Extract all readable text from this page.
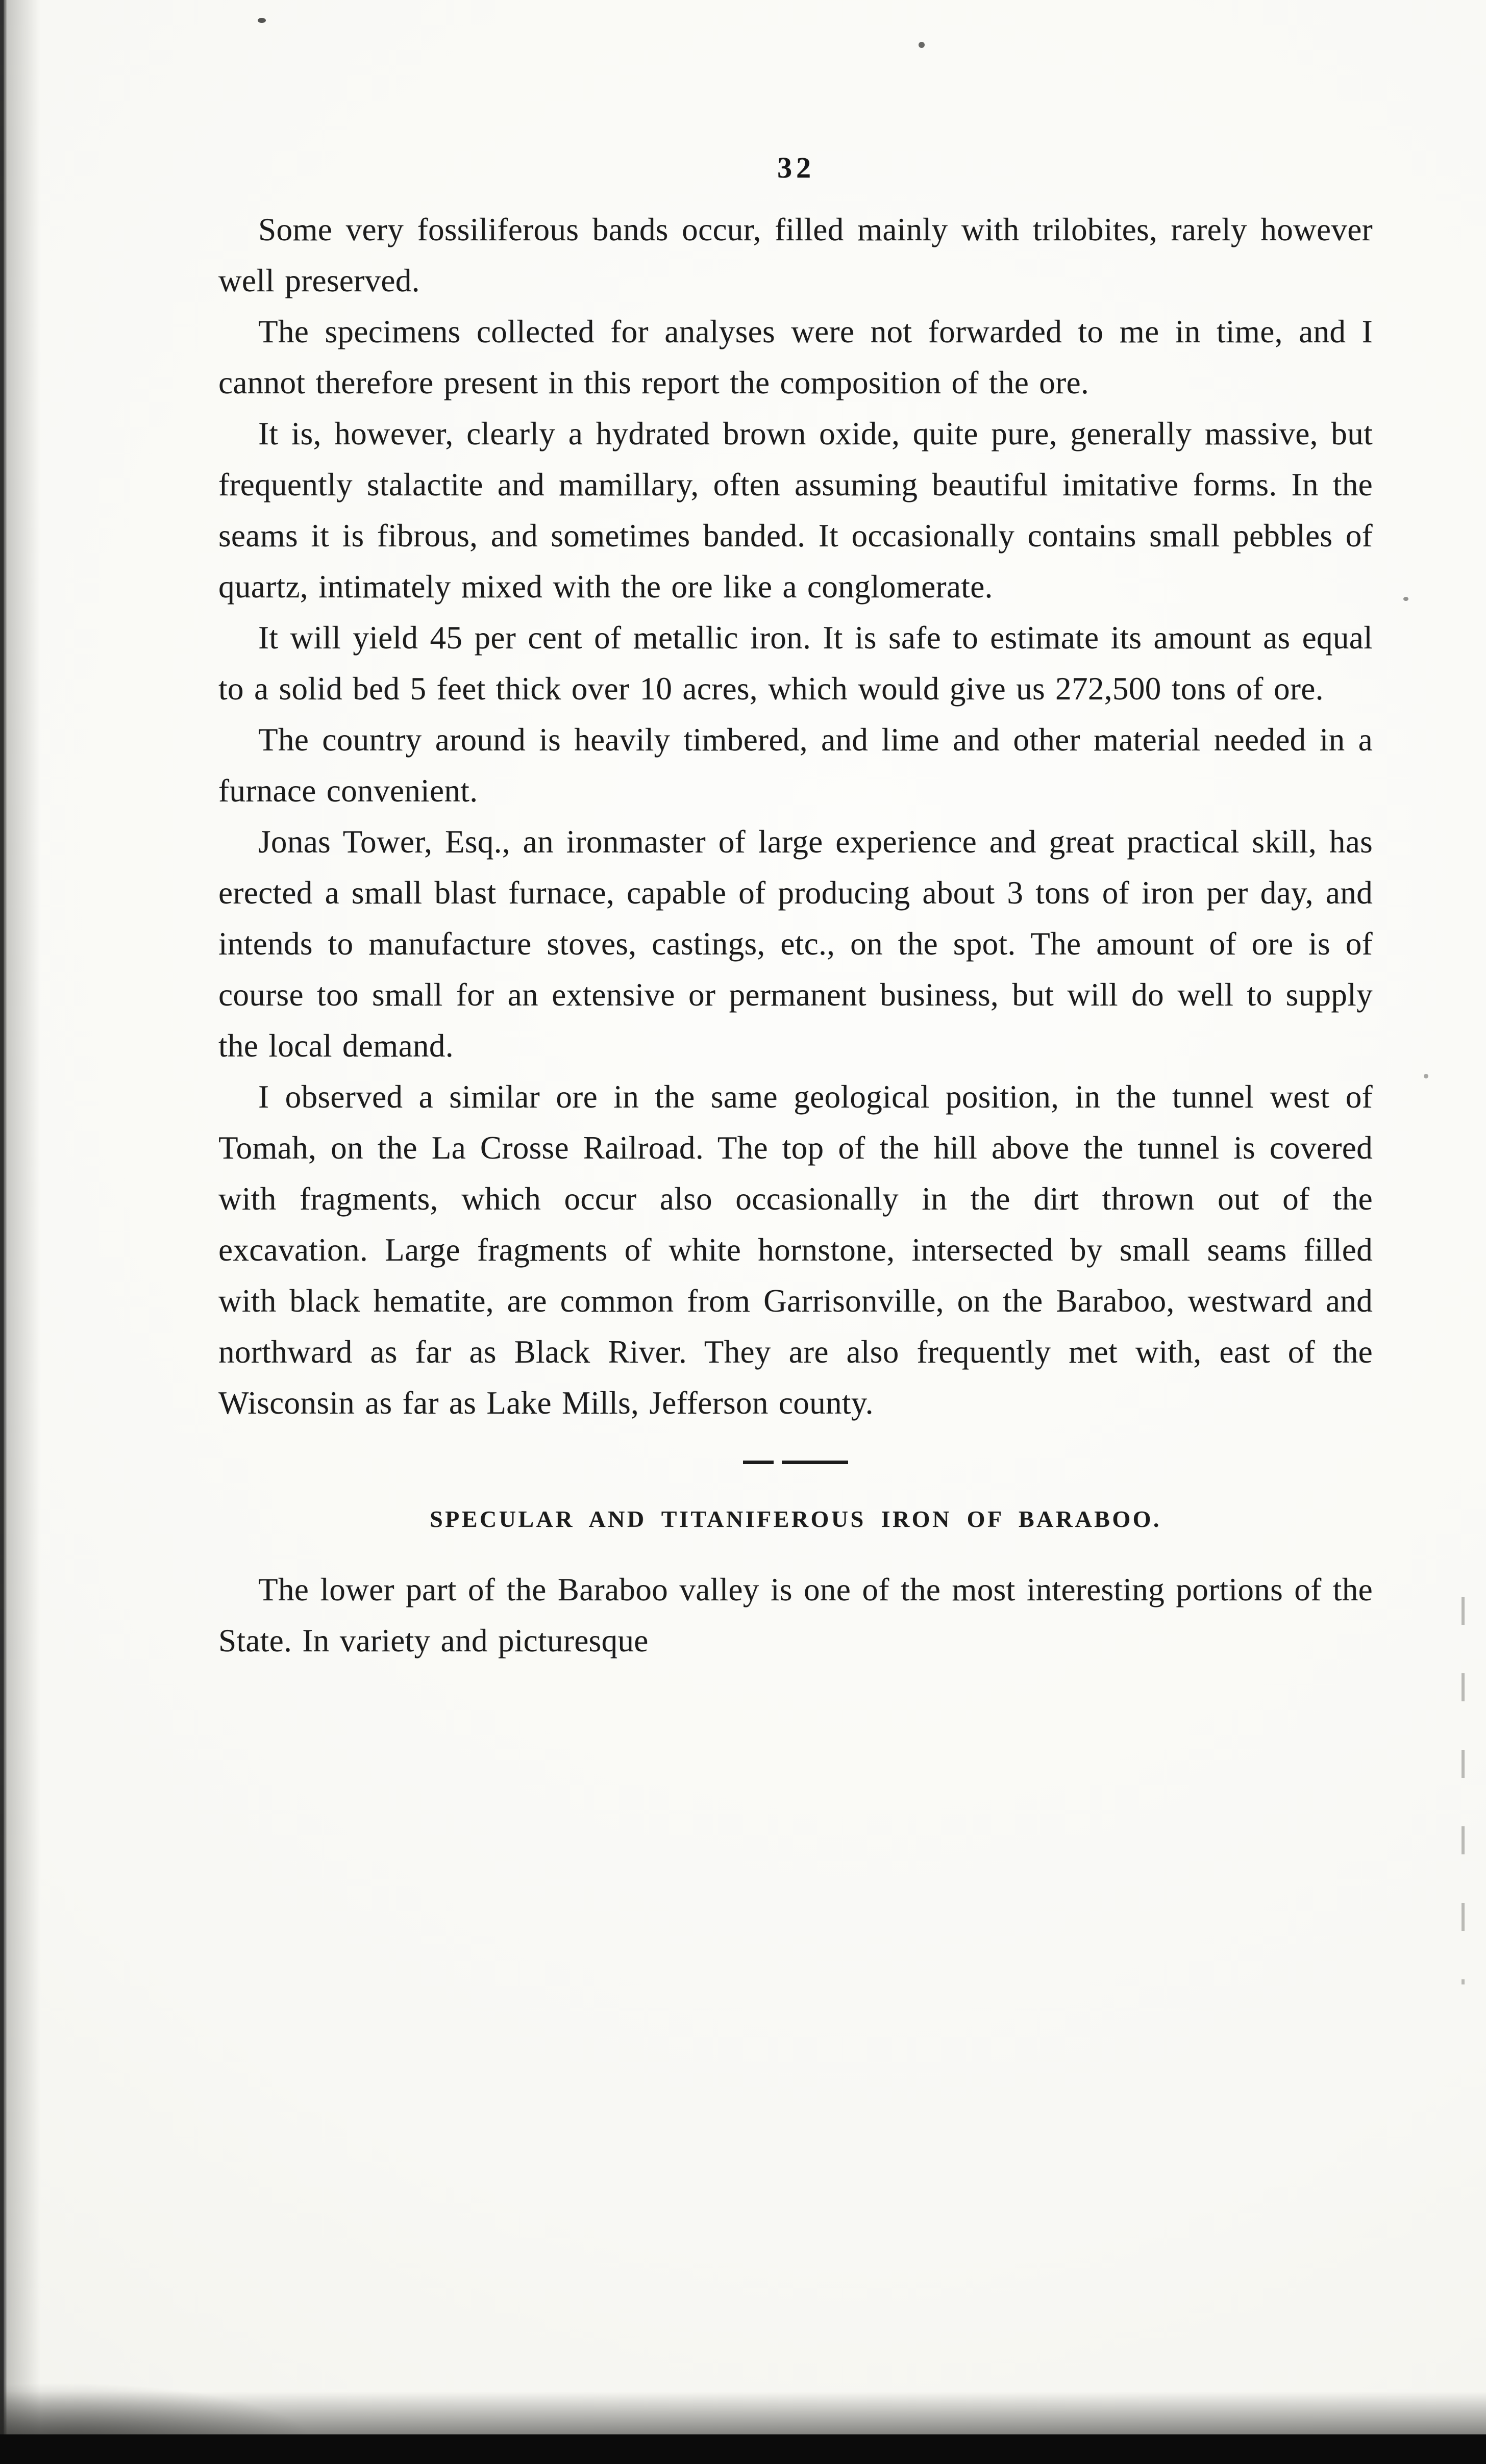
32

Some very fossiliferous bands occur, filled mainly with trilobites, rarely however well preserved.

The specimens collected for analyses were not forwarded to me in time, and I cannot therefore present in this report the composition of the ore.

It is, however, clearly a hydrated brown oxide, quite pure, generally massive, but frequently stalactite and mamillary, often assuming beautiful imitative forms. In the seams it is fibrous, and sometimes banded. It occasionally contains small pebbles of quartz, intimately mixed with the ore like a conglomerate.

It will yield 45 per cent of metallic iron. It is safe to estimate its amount as equal to a solid bed 5 feet thick over 10 acres, which would give us 272,500 tons of ore.

The country around is heavily timbered, and lime and other material needed in a furnace convenient.

Jonas Tower, Esq., an ironmaster of large experience and great practical skill, has erected a small blast furnace, capable of producing about 3 tons of iron per day, and intends to manufacture stoves, castings, etc., on the spot. The amount of ore is of course too small for an extensive or permanent business, but will do well to supply the local demand.

I observed a similar ore in the same geological position, in the tunnel west of Tomah, on the La Crosse Railroad. The top of the hill above the tunnel is covered with fragments, which occur also occasionally in the dirt thrown out of the excavation. Large fragments of white hornstone, intersected by small seams filled with black hematite, are common from Garrisonville, on the Baraboo, westward and northward as far as Black River. They are also frequently met with, east of the Wisconsin as far as Lake Mills, Jefferson county.

SPECULAR AND TITANIFEROUS IRON OF BARABOO.

The lower part of the Baraboo valley is one of the most interesting portions of the State. In variety and picturesque
